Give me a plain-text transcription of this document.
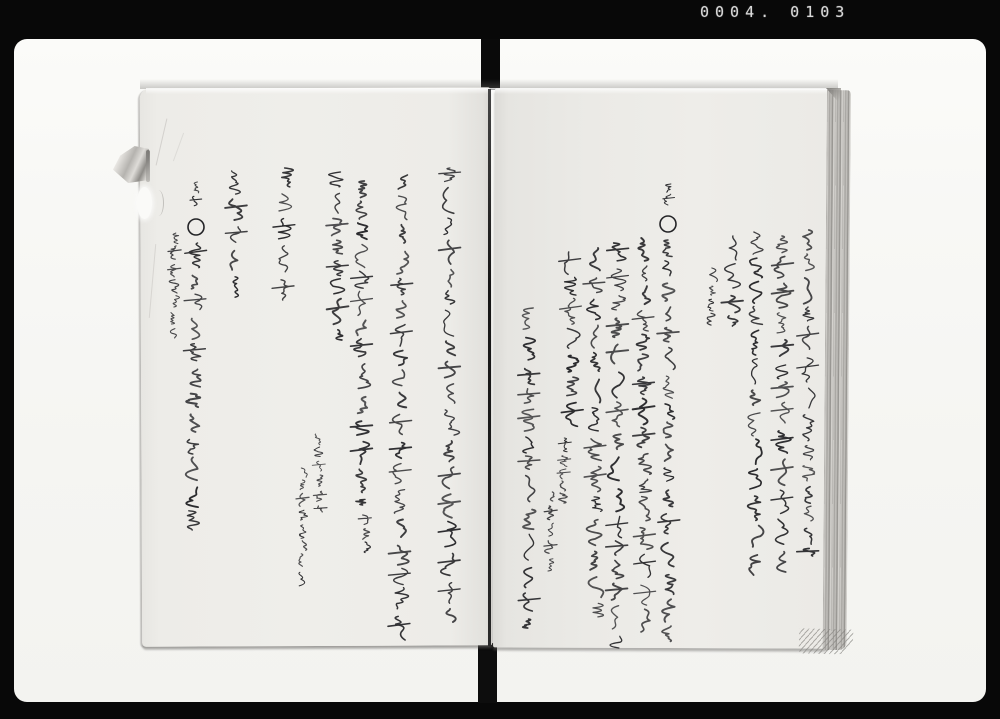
0004. 0103
